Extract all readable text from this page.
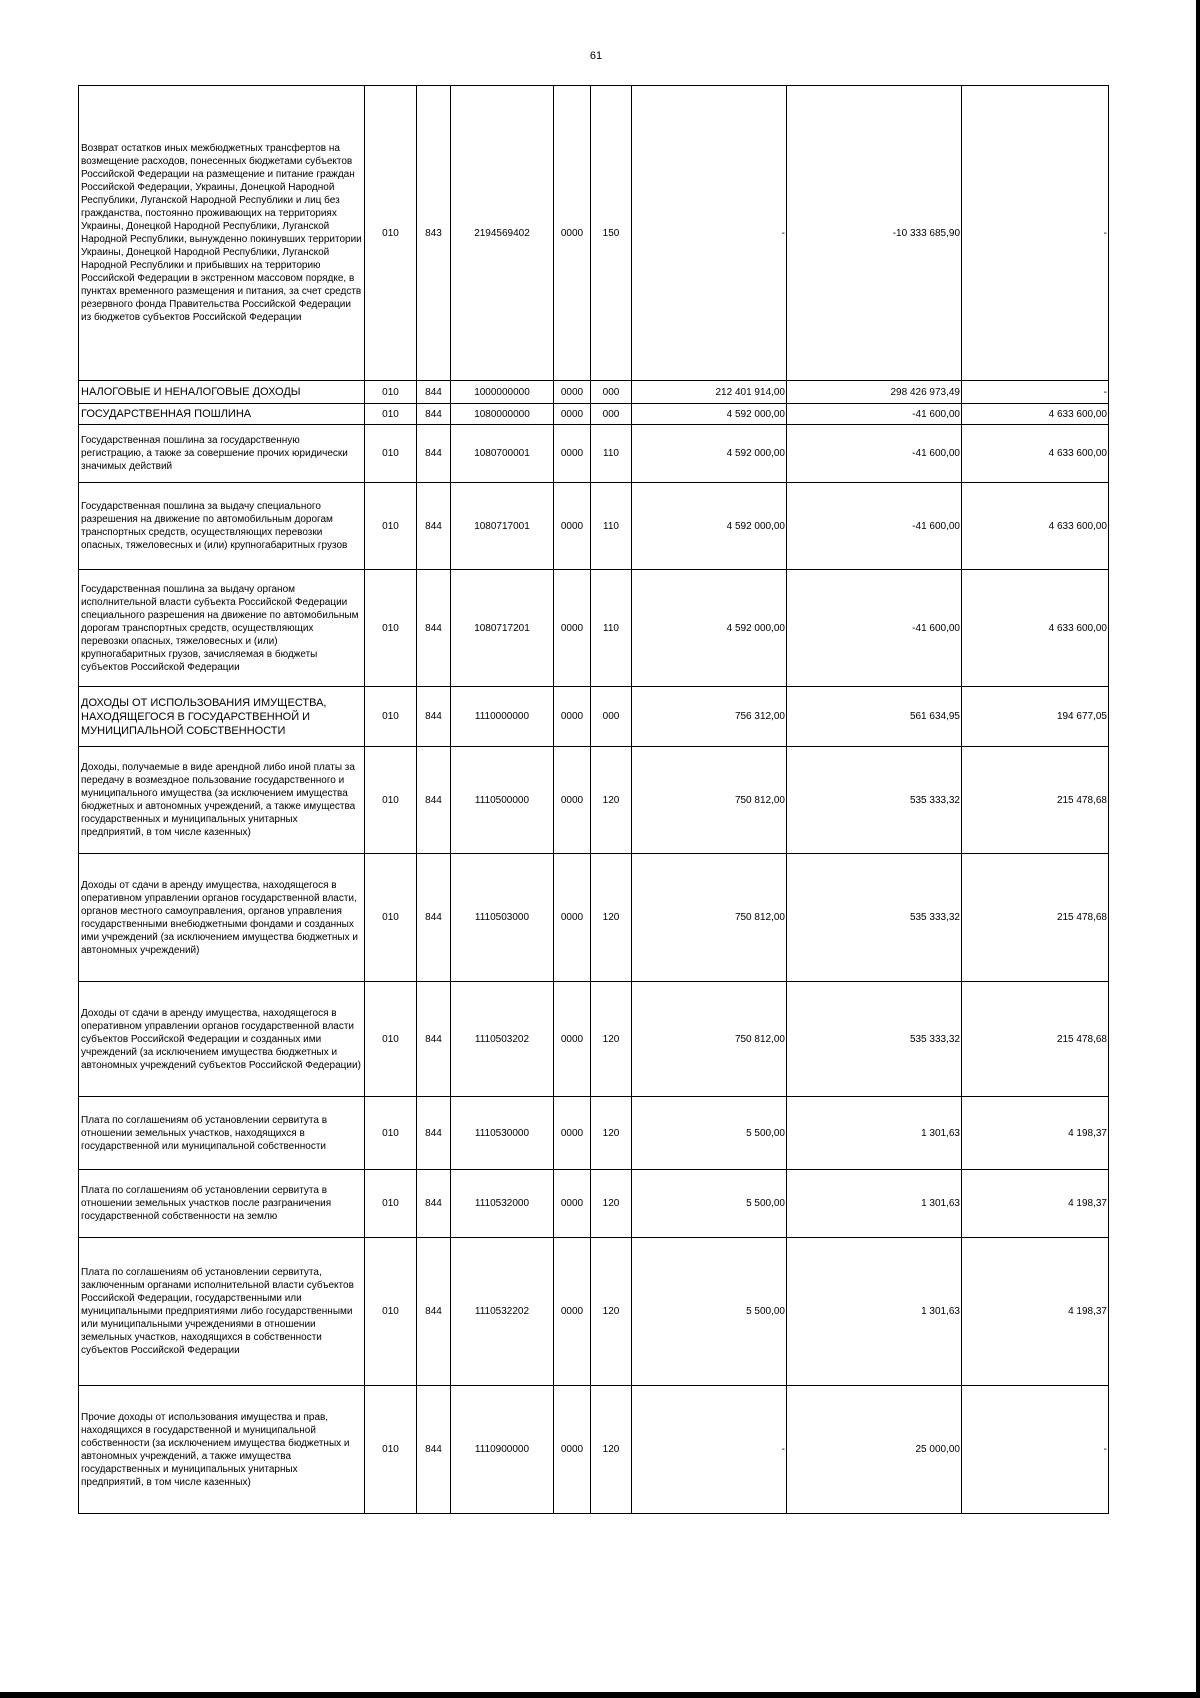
61
Возврат остатков иных межбюджетных трансфертов на возмещение расходов, понесенных бюджетами субъектов Российской Федерации на размещение и питание граждан Российской Федерации, Украины, Донецкой Народной Республики, Луганской Народной Республики и лиц без гражданства, постоянно проживающих на территориях Украины, Донецкой Народной Республики, Луганской Народной Республики, вынужденно покинувших территории Украины, Донецкой Народной Республики, Луганской Народной Республики и прибывших на территорию Российской Федерации в экстренном массовом порядке, в пунктах временного размещения и питания, за счет средств резервного фонда Правительства Российской Федерации из бюджетов субъектов Российской Федерации	010	843	2194569402	0000	150	-	-10 333 685,90	-
НАЛОГОВЫЕ И НЕНАЛОГОВЫЕ ДОХОДЫ	010	844	1000000000	0000	000	212 401 914,00	298 426 973,49	-
ГОСУДАРСТВЕННАЯ ПОШЛИНА	010	844	1080000000	0000	000	4 592 000,00	-41 600,00	4 633 600,00
Государственная пошлина за государственную регистрацию, а также за совершение прочих юридически значимых действий	010	844	1080700001	0000	110	4 592 000,00	-41 600,00	4 633 600,00
Государственная пошлина за выдачу специального разрешения на движение по автомобильным дорогам транспортных средств, осуществляющих перевозки опасных, тяжеловесных и (или) крупногабаритных грузов	010	844	1080717001	0000	110	4 592 000,00	-41 600,00	4 633 600,00
Государственная пошлина за выдачу органом исполнительной власти субъекта Российской Федерации специального разрешения на движение по автомобильным дорогам транспортных средств, осуществляющих перевозки опасных, тяжеловесных и (или) крупногабаритных грузов, зачисляемая в бюджеты субъектов Российской Федерации	010	844	1080717201	0000	110	4 592 000,00	-41 600,00	4 633 600,00
ДОХОДЫ ОТ ИСПОЛЬЗОВАНИЯ ИМУЩЕСТВА, НАХОДЯЩЕГОСЯ В ГОСУДАРСТВЕННОЙ И МУНИЦИПАЛЬНОЙ СОБСТВЕННОСТИ	010	844	1110000000	0000	000	756 312,00	561 634,95	194 677,05
Доходы, получаемые в виде арендной либо иной платы за передачу в возмездное пользование государственного и муниципального имущества (за исключением имущества бюджетных и автономных учреждений, а также имущества государственных и муниципальных унитарных предприятий, в том числе казенных)	010	844	1110500000	0000	120	750 812,00	535 333,32	215 478,68
Доходы от сдачи в аренду имущества, находящегося в оперативном управлении органов государственной власти, органов местного самоуправления, органов управления государственными внебюджетными фондами и созданных ими учреждений (за исключением имущества бюджетных и автономных учреждений)	010	844	1110503000	0000	120	750 812,00	535 333,32	215 478,68
Доходы от сдачи в аренду имущества, находящегося в оперативном управлении органов государственной власти субъектов Российской Федерации и созданных ими учреждений (за исключением имущества бюджетных и автономных учреждений субъектов Российской Федерации)	010	844	1110503202	0000	120	750 812,00	535 333,32	215 478,68
Плата по соглашениям об установлении сервитута в отношении земельных участков, находящихся в государственной или муниципальной собственности	010	844	1110530000	0000	120	5 500,00	1 301,63	4 198,37
Плата по соглашениям об установлении сервитута в отношении земельных участков после разграничения государственной собственности на землю	010	844	1110532000	0000	120	5 500,00	1 301,63	4 198,37
Плата по соглашениям об установлении сервитута, заключенным органами исполнительной власти субъектов Российской Федерации, государственными или муниципальными предприятиями либо государственными или муниципальными учреждениями в отношении земельных участков, находящихся в собственности субъектов Российской Федерации	010	844	1110532202	0000	120	5 500,00	1 301,63	4 198,37
Прочие доходы от использования имущества и прав, находящихся в государственной и муниципальной собственности (за исключением имущества бюджетных и автономных учреждений, а также имущества государственных и муниципальных унитарных предприятий, в том числе казенных)	010	844	1110900000	0000	120	-	25 000,00	-
